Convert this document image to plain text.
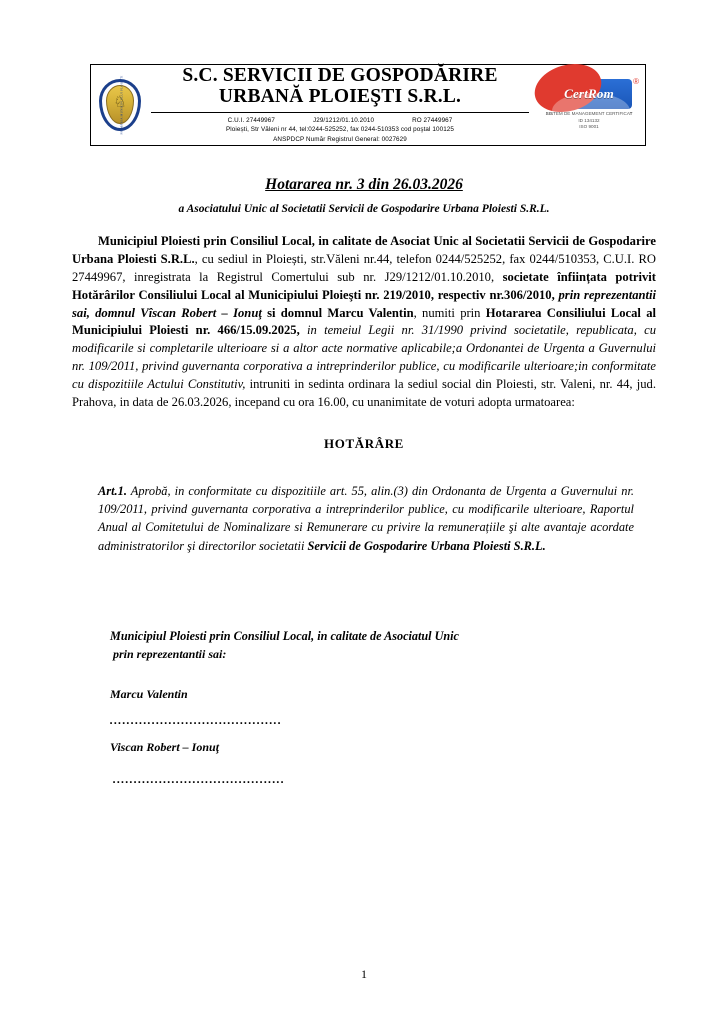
♘
PRIMĂRIA MUNICIPIULUI PLOIEŞTI
S.C. SERVICII DE GOSPODĂRIRE
URBANĂ PLOIEŞTI S.R.L.
C.U.I. 27449967	J29/1212/01.10.2010	RO 27449967
Ploiești, Str Văleni nr 44, tel:0244-525252, fax 0244-510353 cod poştal 100125
ANSPDCP Număr Registrul General: 0027629
CertRom
®
SISTEM DE MANAGEMENT CERTIFICAT
ID 134132
ISO 9001
Hotararea nr. 3 din 26.03.2026
a Asociatului Unic al Societatii Servicii de Gospodarire Urbana Ploiesti S.R.L.

Municipiul Ploiesti prin Consiliul Local, in calitate de Asociat Unic al Societatii Servicii de Gospodarire Urbana Ploiesti S.R.L., cu sediul in Ploiești, str.Văleni nr.44, telefon 0244/525252, fax 0244/510353, C.U.I. RO 27449967, inregistrata la Registrul Comertului sub nr. J29/1212/01.10.2010, societate înființata potrivit Hotărârilor Consiliului Local al Municipiului Ploieşti nr. 219/2010, respectiv nr.306/2010, prin reprezentantii sai, domnul Vîscan Robert – Ionuţ si domnul Marcu Valentin, numiti prin Hotararea Consiliului Local al Municipiului Ploiesti nr. 466/15.09.2025, in temeiul Legii nr. 31/1990 privind societatile, republicata, cu modificarile si completarile ulterioare si a altor acte normative aplicabile;a Ordonantei de Urgenta a Guvernului nr. 109/2011, privind guvernanta corporativa a intreprinderilor publice, cu modificarile ulterioare;in conformitate cu dispozitiile Actului Constitutiv, intruniti in sedinta ordinara la sediul social din Ploiesti, str. Valeni, nr. 44, jud. Prahova, in data de 26.03.2026, incepand cu ora 16.00, cu unanimitate de voturi adopta urmatoarea:

HOTĂRÂRE

Art.1. Aprobă, in conformitate cu dispozitiile art. 55, alin.(3) din Ordonanta de Urgenta a Guvernului nr. 109/2011, privind guvernanta corporativa a intreprinderilor publice, cu modificarile ulterioare, Raportul Anual al Comitetului de Nominalizare si Remunerare cu privire la remunerațiile şi alte avantaje acordate administratorilor şi directorilor societatii Servicii de Gospodarire Urbana Ploiesti S.R.L.

Municipiul Ploiesti prin Consiliul Local, in calitate de Asociatul Unic
prin reprezentantii sai:
Marcu Valentin
.........................................
Viscan Robert – Ionuţ
.........................................
1
